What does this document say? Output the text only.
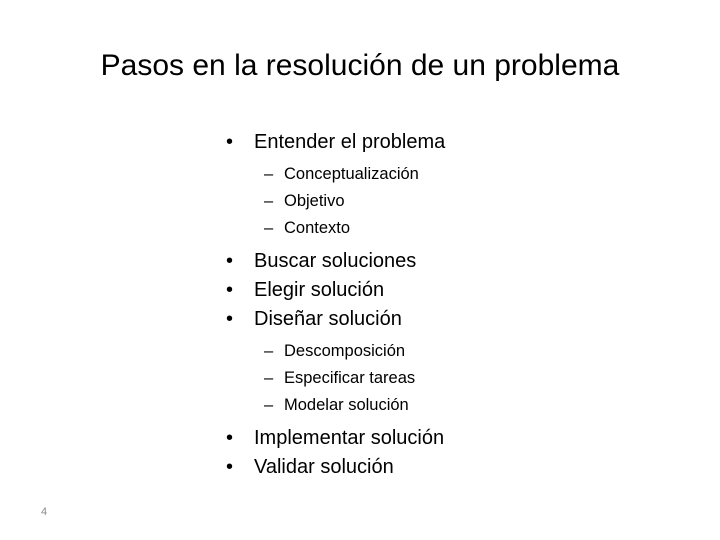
Pasos en la resolución de un problema
•	Entender el problema
– Conceptualización
– Objetivo
– Contexto
•	Buscar soluciones
•	Elegir solución
•	Diseñar solución
– Descomposición
– Especificar tareas
– Modelar solución
•	Implementar solución
•	Validar solución
4
